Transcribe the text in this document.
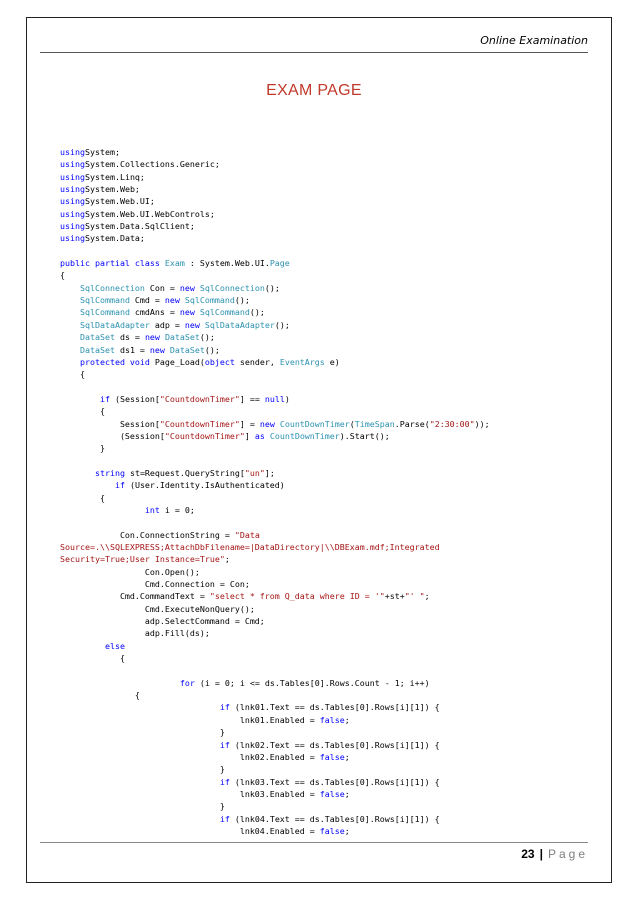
Online Examination
EXAM PAGE
usingSystem;
usingSystem.Collections.Generic;
usingSystem.Linq;
usingSystem.Web;
usingSystem.Web.UI;
usingSystem.Web.UI.WebControls;
usingSystem.Data.SqlClient;
usingSystem.Data;

public partial class Exam : System.Web.UI.Page
{
SqlConnection Con = new SqlConnection();
SqlCommand Cmd = new SqlCommand();
SqlCommand cmdAns = new SqlCommand();
SqlDataAdapter adp = new SqlDataAdapter();
DataSet ds = new DataSet();
DataSet ds1 = new DataSet();
protected void Page_Load(object sender, EventArgs e)
{

if (Session["CountdownTimer"] == null)
{
Session["CountdownTimer"] = new CountDownTimer(TimeSpan.Parse("2:30:00"));
(Session["CountdownTimer"] as CountDownTimer).Start();
}

string st=Request.QueryString["un"];
if (User.Identity.IsAuthenticated)
{
int i = 0;

Con.ConnectionString = "Data
Source=.\\SQLEXPRESS;AttachDbFilename=|DataDirectory|\\DBExam.mdf;Integrated
Security=True;User Instance=True";
Con.Open();
Cmd.Connection = Con;
Cmd.CommandText = "select * from Q_data where ID = '"+st+"' ";
Cmd.ExecuteNonQuery();
adp.SelectCommand = Cmd;
adp.Fill(ds);
else
{

for (i = 0; i <= ds.Tables[0].Rows.Count - 1; i++)
{
if (lnk01.Text == ds.Tables[0].Rows[i][1]) {
lnk01.Enabled = false;
}
if (lnk02.Text == ds.Tables[0].Rows[i][1]) {
lnk02.Enabled = false;
}
if (lnk03.Text == ds.Tables[0].Rows[i][1]) {
lnk03.Enabled = false;
}
if (lnk04.Text == ds.Tables[0].Rows[i][1]) {
lnk04.Enabled = false;
23 | Page
